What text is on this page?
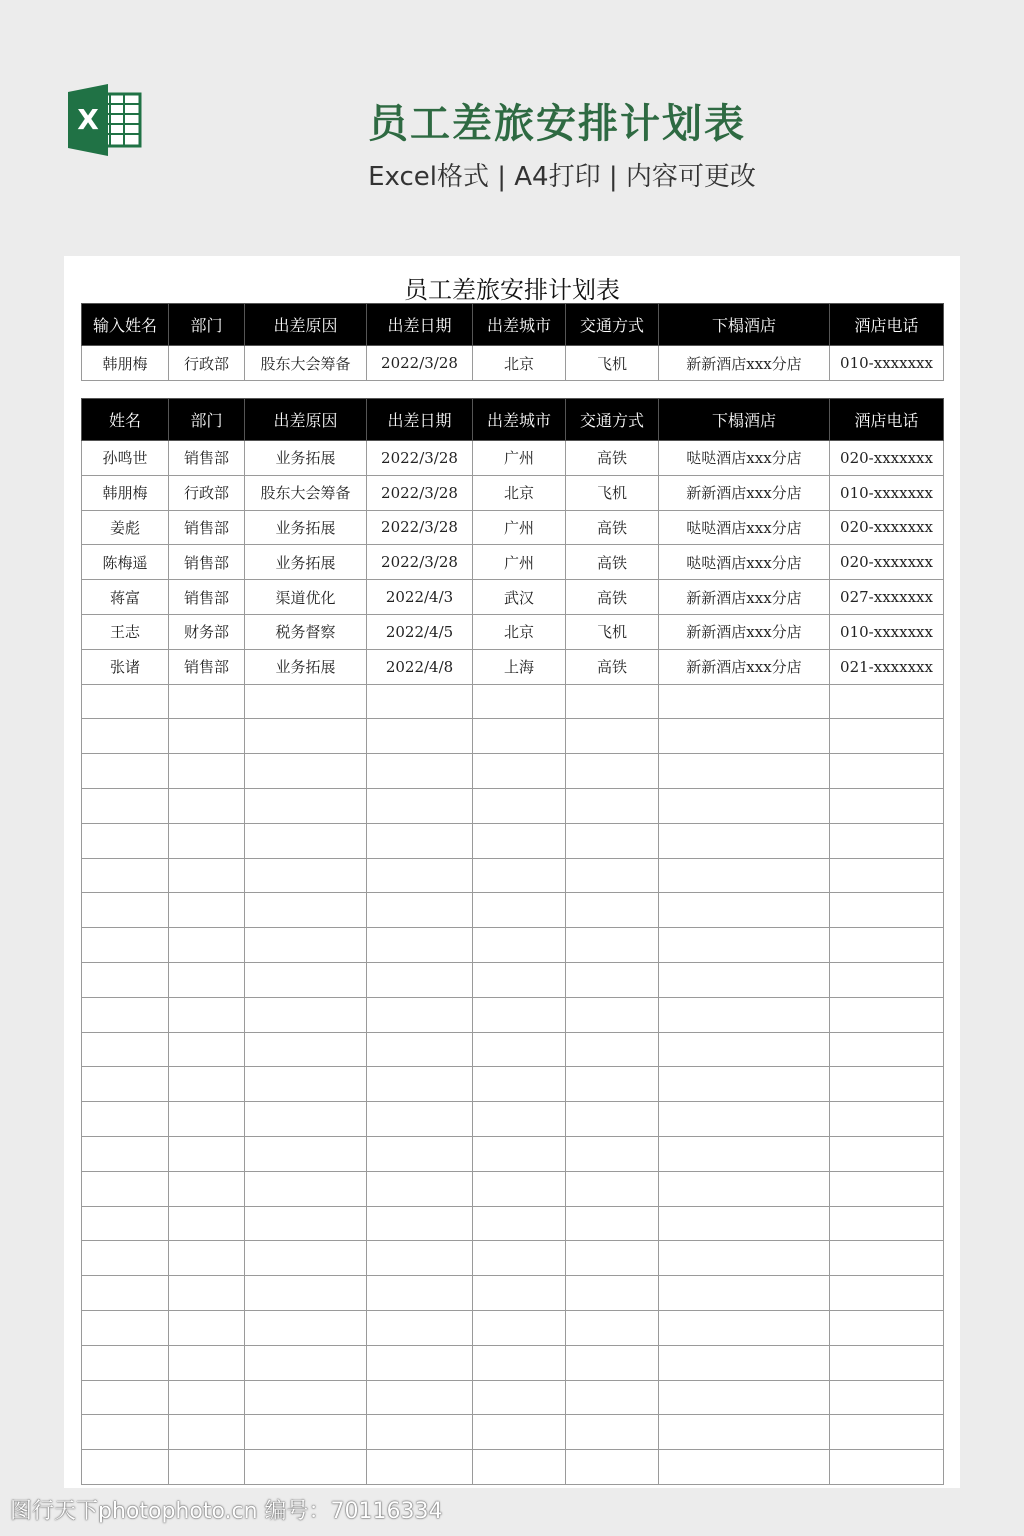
X	员工差旅安排计划表
Excel格式 | A4打印 | 内容可更改
员工差旅安排计划表
输入姓名	部门	出差原因	出差日期	出差城市	交通方式	下榻酒店	酒店电话
韩朋梅	行政部	股东大会筹备	2022/3/28	北京	飞机	新新酒店xxx分店	010-xxxxxxx
姓名	部门	出差原因	出差日期	出差城市	交通方式	下榻酒店	酒店电话
孙鸣世	销售部	业务拓展	2022/3/28	广州	高铁	哒哒酒店xxx分店	020-xxxxxxx
韩朋梅	行政部	股东大会筹备	2022/3/28	北京	飞机	新新酒店xxx分店	010-xxxxxxx
姜彪	销售部	业务拓展	2022/3/28	广州	高铁	哒哒酒店xxx分店	020-xxxxxxx
陈梅遥	销售部	业务拓展	2022/3/28	广州	高铁	哒哒酒店xxx分店	020-xxxxxxx
蒋富	销售部	渠道优化	2022/4/3	武汉	高铁	新新酒店xxx分店	027-xxxxxxx
王志	财务部	税务督察	2022/4/5	北京	飞机	新新酒店xxx分店	010-xxxxxxx
张诸	销售部	业务拓展	2022/4/8	上海	高铁	新新酒店xxx分店	021-xxxxxxx

图行天下photophoto.cn 编号：70116334
